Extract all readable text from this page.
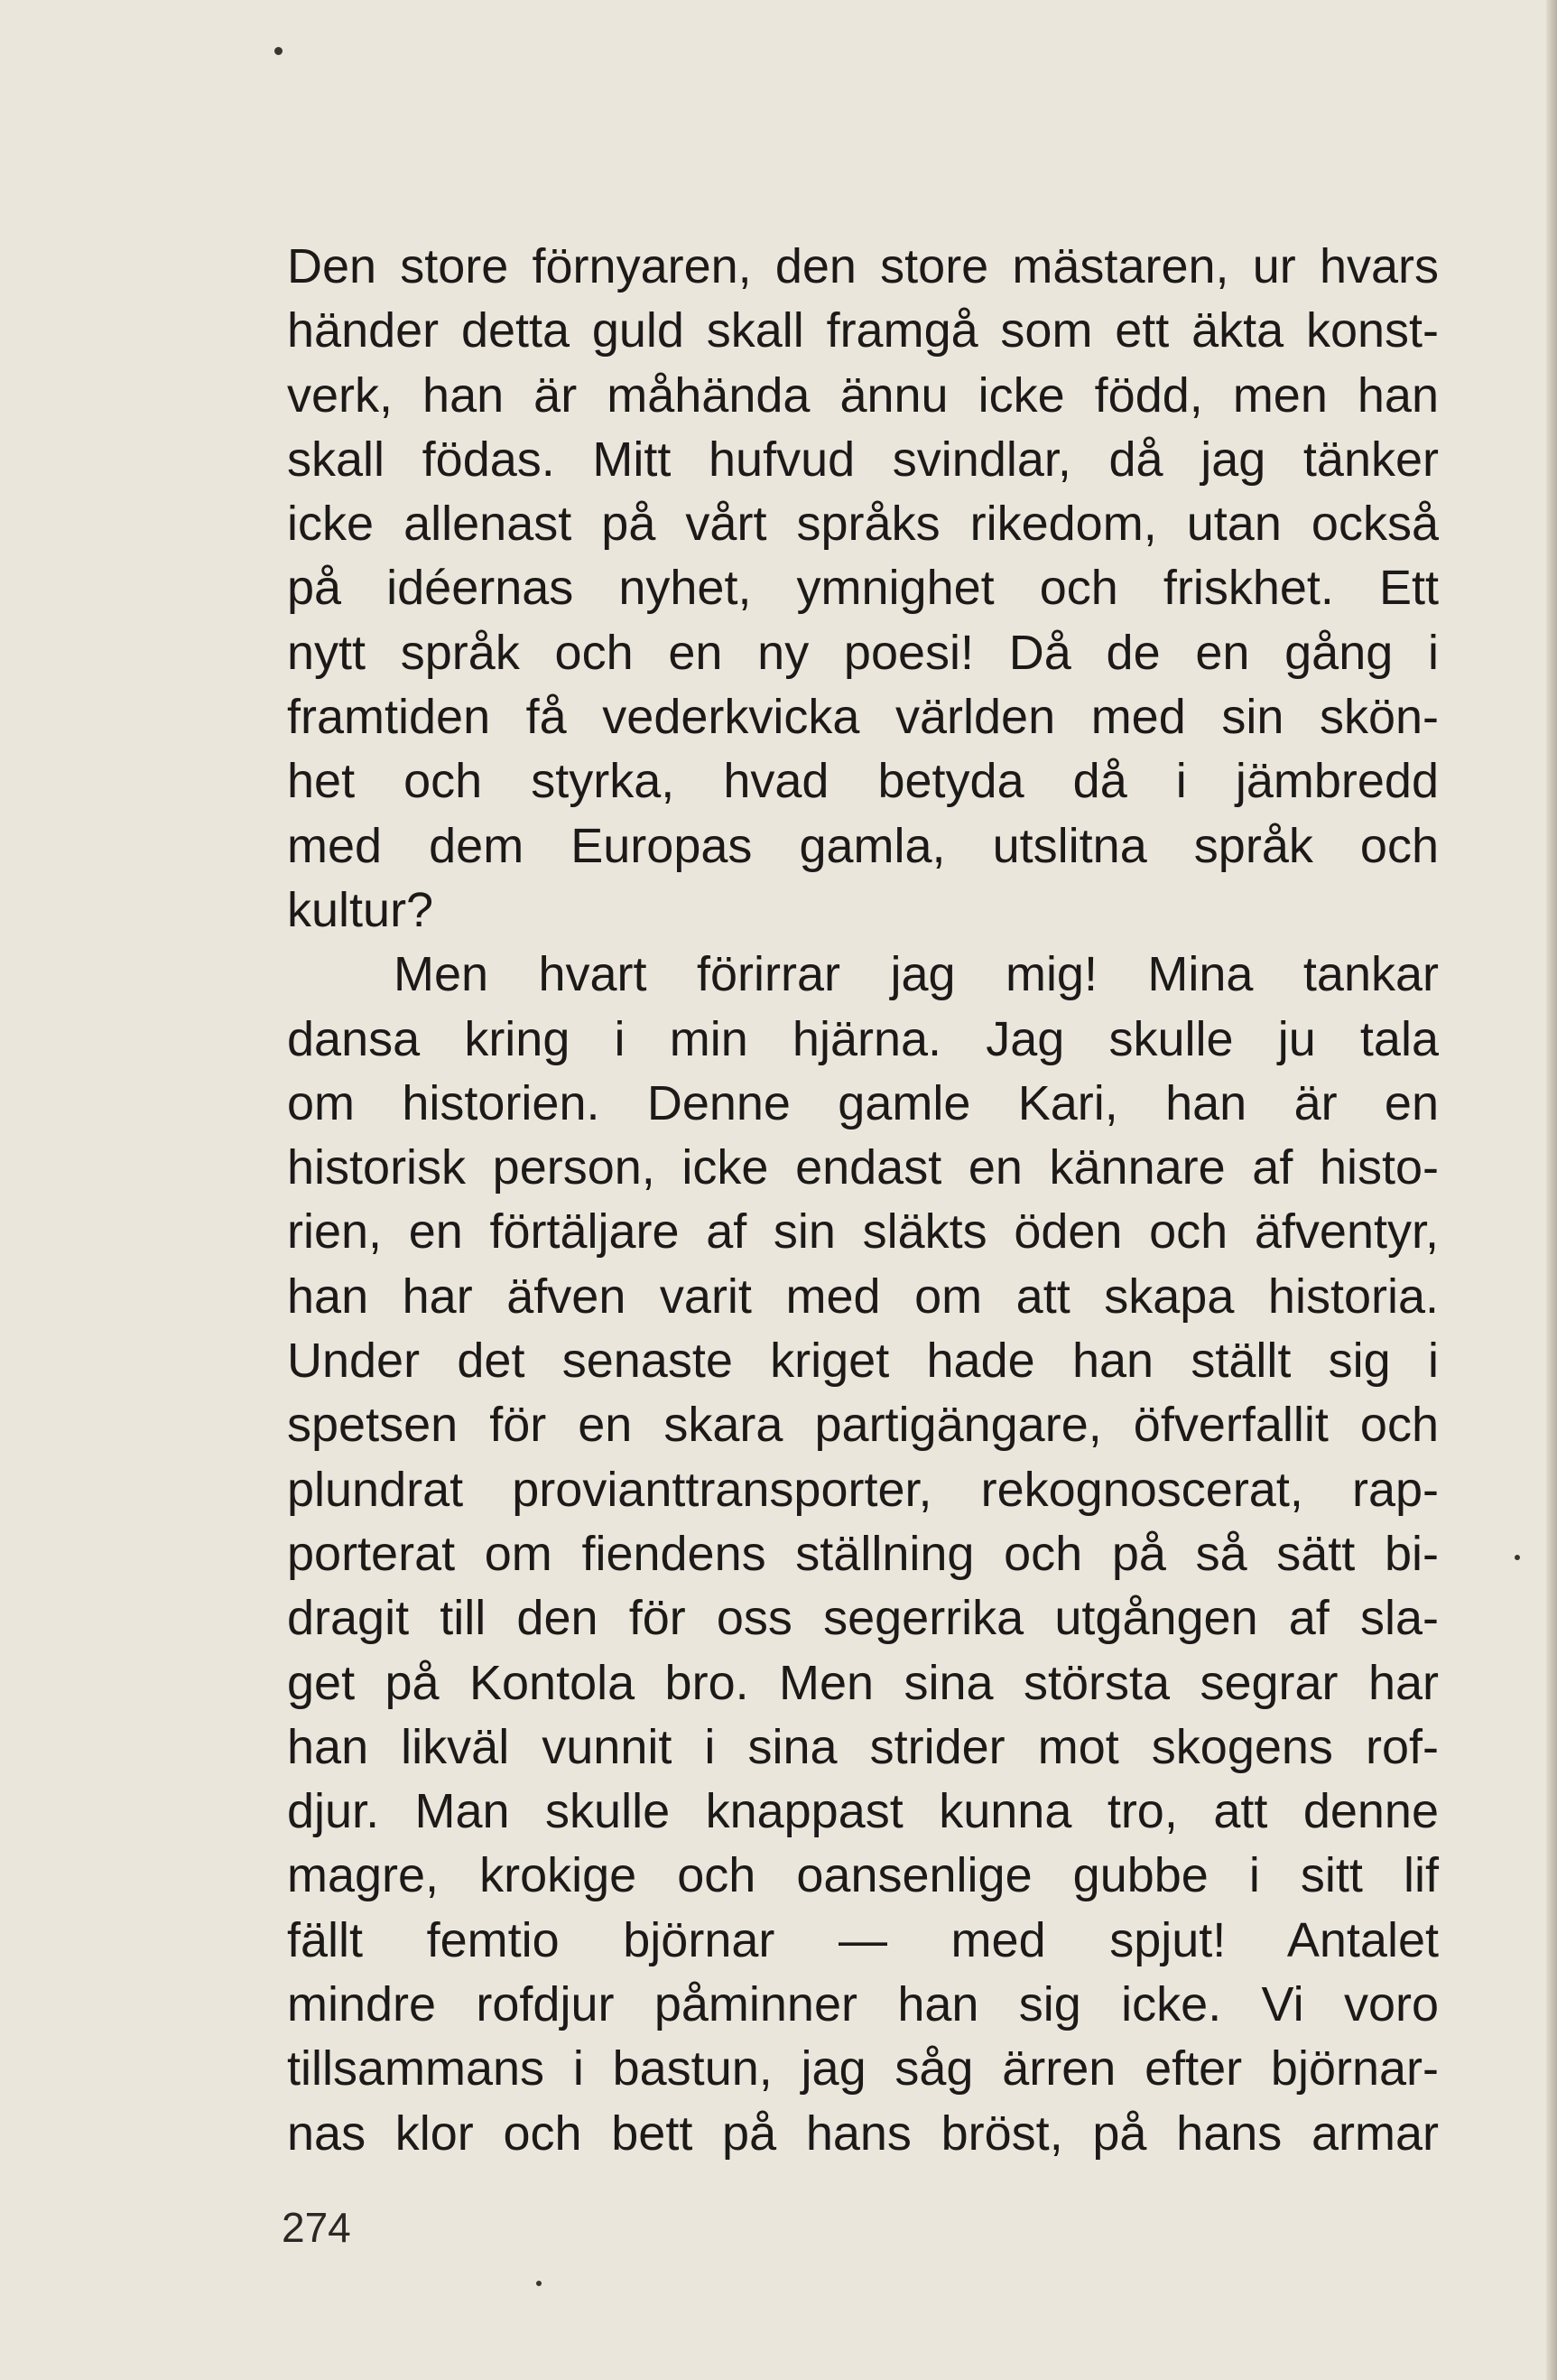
Den store förnyaren, den store mästaren, ur hvars
händer detta guld skall framgå som ett äkta konst-
verk, han är måhända ännu icke född, men han
skall födas. Mitt hufvud svindlar, då jag tänker
icke allenast på vårt språks rikedom, utan också
på idéernas nyhet, ymnighet och friskhet. Ett
nytt språk och en ny poesi! Då de en gång i
framtiden få vederkvicka världen med sin skön-
het och styrka, hvad betyda då i jämbredd
med dem Europas gamla, utslitna språk och
kultur?
Men hvart förirrar jag mig! Mina tankar
dansa kring i min hjärna. Jag skulle ju tala
om historien. Denne gamle Kari, han är en
historisk person, icke endast en kännare af histo-
rien, en förtäljare af sin släkts öden och äfventyr,
han har äfven varit med om att skapa historia.
Under det senaste kriget hade han ställt sig i
spetsen för en skara partigängare, öfverfallit och
plundrat provianttransporter, rekognoscerat, rap-
porterat om fiendens ställning och på så sätt bi-
dragit till den för oss segerrika utgången af sla-
get på Kontola bro. Men sina största segrar har
han likväl vunnit i sina strider mot skogens rof-
djur. Man skulle knappast kunna tro, att denne
magre, krokige och oansenlige gubbe i sitt lif
fällt femtio björnar — med spjut! Antalet
mindre rofdjur påminner han sig icke. Vi voro
tillsammans i bastun, jag såg ärren efter björnar-
nas klor och bett på hans bröst, på hans armar
274
